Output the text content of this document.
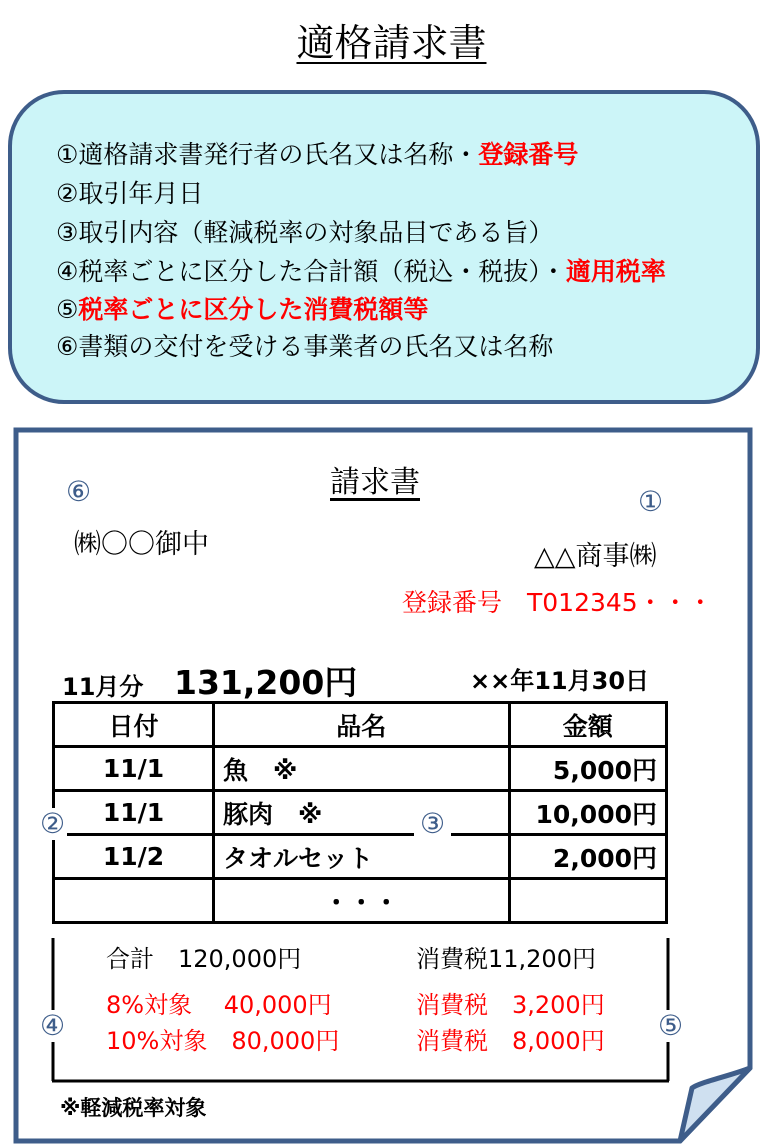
適格請求書
①適格請求書発行者の氏名又は名称・登録番号
②取引年月日
③取引内容（軽減税率の対象品目である旨）
④税率ごとに区分した合計額（税込・税抜）・適用税率
⑤税率ごとに区分した消費税額等
⑥書類の交付を受ける事業者の氏名又は名称
請求書
⑥	①
㈱〇〇御中	△△商事㈱
登録番号　T012345・・・
11月分 131,200円	××年11月30日
日付	品名	金額
11/1	魚　※	5,000円
11/1	豚肉　※	10,000円
11/2	タオルセット	2,000円
	・・・	
②	③
合計　120,000円	消費税11,200円
8%対象　 40,000円	消費税　3,200円
10%対象　80,000円	消費税　8,000円
④	⑤
※軽減税率対象
